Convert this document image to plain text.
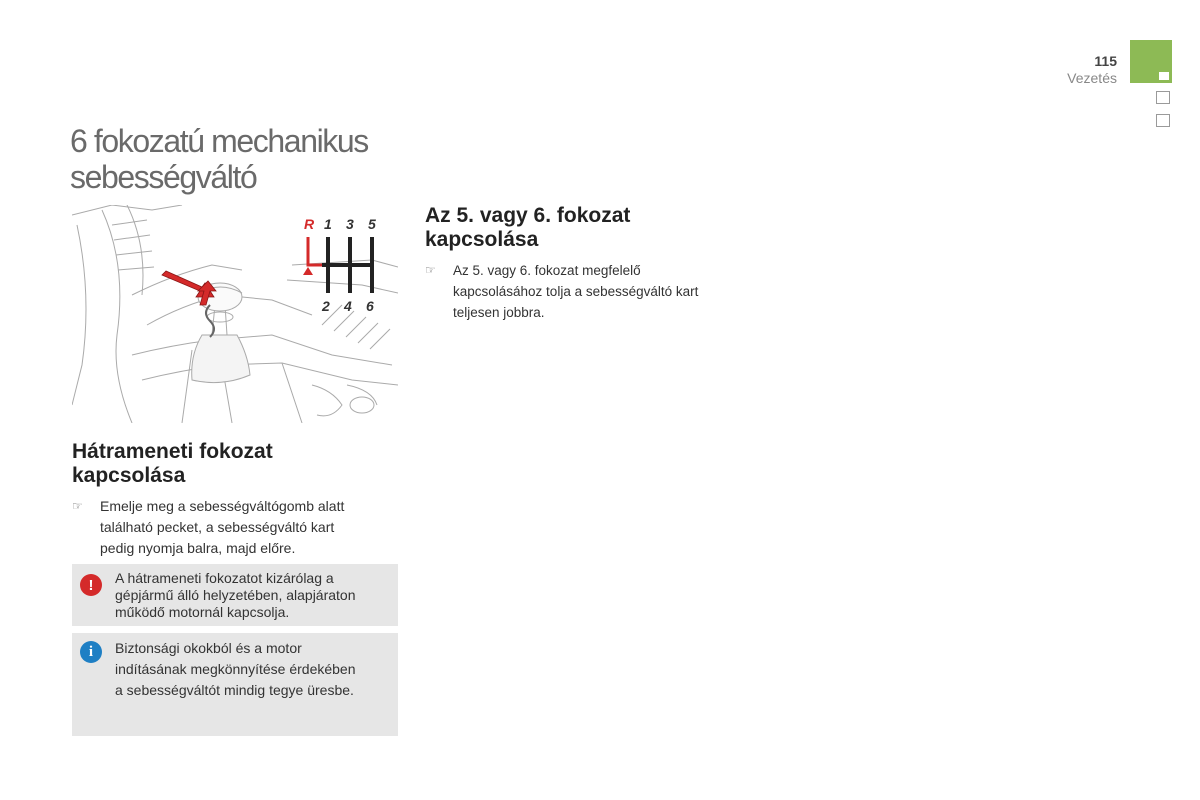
115
Vezetés
6 fokozatú mechanikus
sebességváltó
R 1 3 5
2 4 6
Hátrameneti fokozat
kapcsolása
☞	Emelje meg a sebességváltógomb alatt
található pecket, a sebességváltó kart
pedig nyomja balra, majd előre.
!	A hátrameneti fokozatot kizárólag a
gépjármű álló helyzetében, alapjáraton
működő motornál kapcsolja.
i	Biztonsági okokból és a motor
indításának megkönnyítése érdekében
a sebességváltót mindig tegye üresbe.
Az 5. vagy 6. fokozat
kapcsolása
☞	Az 5. vagy 6. fokozat megfelelő
kapcsolásához tolja a sebességváltó kart
teljesen jobbra.
